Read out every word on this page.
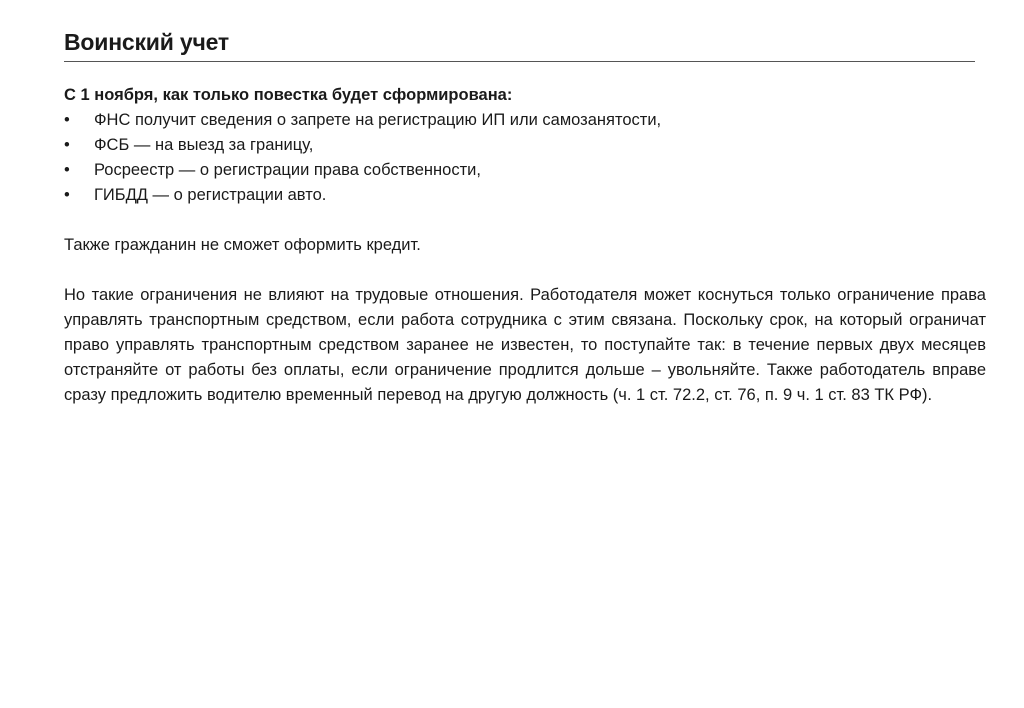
Воинский учет

С 1 ноября, как только повестка будет сформирована:

• ФНС получит сведения о запрете на регистрацию ИП или самозанятости,
• ФСБ — на выезд за границу,
• Росреестр — о регистрации права собственности,
• ГИБДД — о регистрации авто.

Также гражданин не сможет оформить кредит.

Но такие ограничения не влияют на трудовые отношения. Работодателя может коснуться только ограничение права управлять транспортным средством, если работа сотрудника с этим связана. Поскольку срок, на который ограничат право управлять транспортным средством заранее не известен, то поступайте так: в течение первых двух месяцев отстраняйте от работы без оплаты, если ограничение продлится дольше – увольняйте. Также работодатель вправе сразу предложить водителю временный перевод на другую должность (ч. 1 ст. 72.2, ст. 76, п. 9 ч. 1 ст. 83 ТК РФ).
